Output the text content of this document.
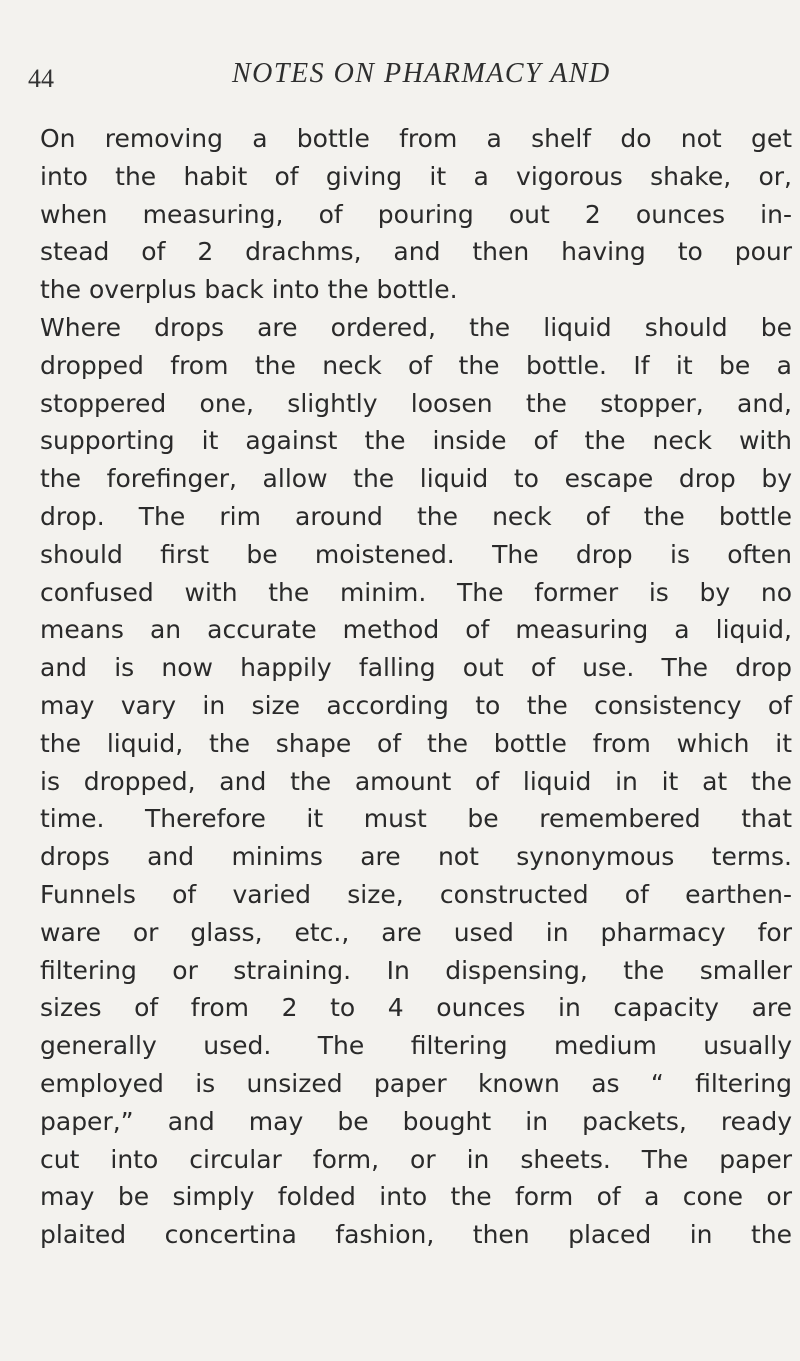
44	NOTES ON PHARMACY AND
On removing a bottle from a shelf do not get
into the habit of giving it a vigorous shake, or,
when measuring, of pouring out 2 ounces in-
stead of 2 drachms, and then having to pour
the overplus back into the bottle.
Where drops are ordered, the liquid should be
dropped from the neck of the bottle. If it be a
stoppered one, slightly loosen the stopper, and,
supporting it against the inside of the neck with
the forefinger, allow the liquid to escape drop by
drop. The rim around the neck of the bottle
should first be moistened. The drop is often
confused with the minim. The former is by no
means an accurate method of measuring a liquid,
and is now happily falling out of use. The drop
may vary in size according to the consistency of
the liquid, the shape of the bottle from which it
is dropped, and the amount of liquid in it at the
time. Therefore it must be remembered that
drops and minims are not synonymous terms.
Funnels of varied size, constructed of earthen-
ware or glass, etc., are used in pharmacy for
filtering or straining. In dispensing, the smaller
sizes of from 2 to 4 ounces in capacity are
generally used. The filtering medium usually
employed is unsized paper known as “ filtering
paper,” and may be bought in packets, ready
cut into circular form, or in sheets. The paper
may be simply folded into the form of a cone or
plaited concertina fashion, then placed in the
